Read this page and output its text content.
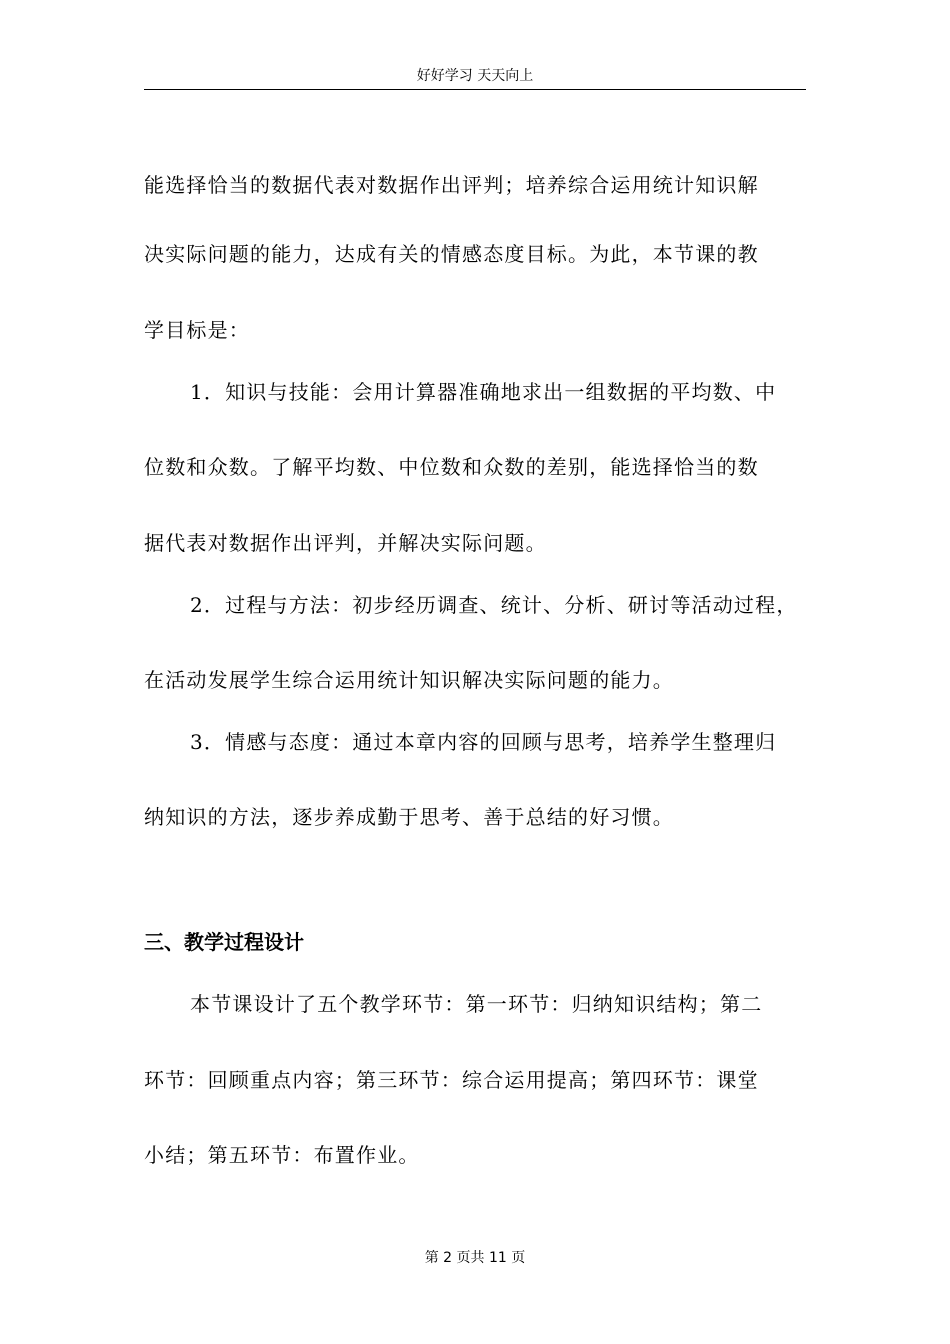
好好学习 天天向上
能选择恰当的数据代表对数据作出评判；培养综合运用统计知识解
决实际问题的能力，达成有关的情感态度目标。为此，本节课的教
学目标是：
1．知识与技能：会用计算器准确地求出一组数据的平均数、中
位数和众数。了解平均数、中位数和众数的差别，能选择恰当的数
据代表对数据作出评判，并解决实际问题。
2．过程与方法：初步经历调查、统计、分析、研讨等活动过程，
在活动发展学生综合运用统计知识解决实际问题的能力。
3．情感与态度：通过本章内容的回顾与思考，培养学生整理归
纳知识的方法，逐步养成勤于思考、善于总结的好习惯。
三、教学过程设计
本节课设计了五个教学环节：第一环节：归纳知识结构；第二
环节：回顾重点内容；第三环节：综合运用提高；第四环节：课堂
小结；第五环节：布置作业。
第 2 页共 11 页
